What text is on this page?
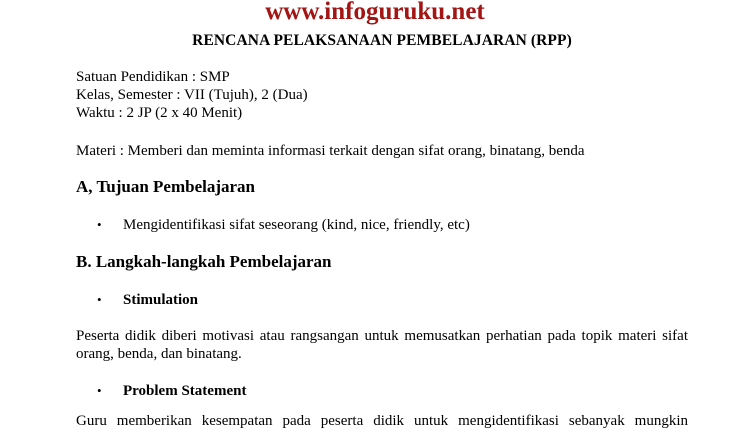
www.infoguruku.net
RENCANA PELAKSANAAN PEMBELAJARAN (RPP)
Satuan Pendidikan : SMP
Kelas, Semester : VII (Tujuh), 2 (Dua)
Waktu : 2 JP (2 x 40 Menit)
Materi : Memberi dan meminta informasi terkait dengan sifat orang, binatang, benda
A, Tujuan Pembelajaran
• Mengidentifikasi sifat seseorang (kind, nice, friendly, etc)
B. Langkah-langkah Pembelajaran
• Stimulation
Peserta didik diberi motivasi atau rangsangan untuk memusatkan perhatian pada topik materi sifat orang, benda, dan binatang.
• Problem Statement
Guru memberikan kesempatan pada peserta didik untuk mengidentifikasi sebanyak mungkin
